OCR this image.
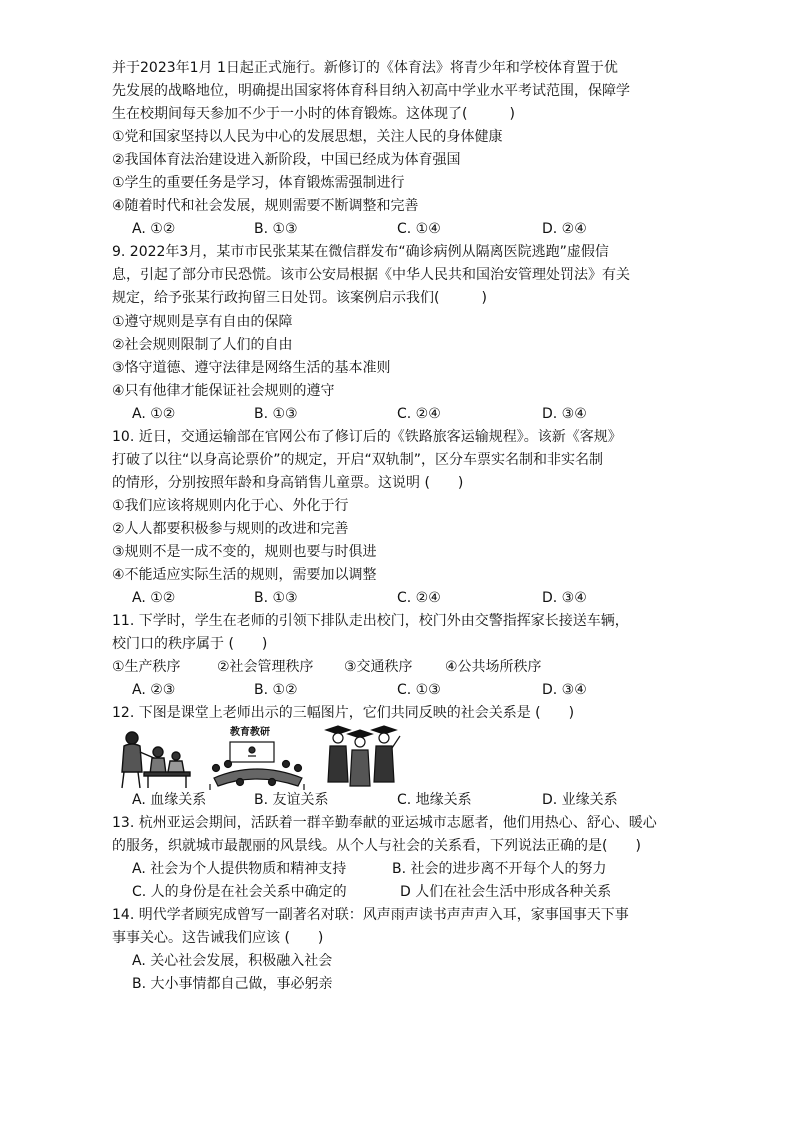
并于2023年1月 1日起正式施行。新修订的《体育法》将青少年和学校体育置于优
先发展的战略地位，明确提出国家将体育科目纳入初高中学业水平考试范围，保障学
生在校期间每天参加不少于一小时的体育锻炼。这体现了(　　　)
①党和国家坚持以人民为中心的发展思想，关注人民的身体健康
②我国体育法治建设进入新阶段，中国已经成为体育强国
①学生的重要任务是学习，体育锻炼需强制进行
④随着时代和社会发展，规则需要不断调整和完善
A. ①②	B. ①③	C. ①④	D. ②④
9. 2022年3月，某市市民张某某在微信群发布“确诊病例从隔离医院逃跑”虚假信
息，引起了部分市民恐慌。该市公安局根据《中华人民共和国治安管理处罚法》有关
规定，给予张某行政拘留三日处罚。该案例启示我们(　　　)
①遵守规则是享有自由的保障
②社会规则限制了人们的自由
③恪守道德、遵守法律是网络生活的基本准则
④只有他律才能保证社会规则的遵守
A. ①②	B. ①③	C. ②④	D. ③④
10. 近日，交通运输部在官网公布了修订后的《铁路旅客运输规程》。该新《客规》
打破了以往“以身高论票价”的规定，开启“双轨制”，区分车票实名制和非实名制
的情形，分别按照年龄和身高销售儿童票。这说明 (　　)
①我们应该将规则内化于心、外化于行
②人人都要积极参与规则的改进和完善
③规则不是一成不变的，规则也要与时俱进
④不能适应实际生活的规则，需要加以调整
A. ①②	B. ①③	C. ②④	D. ③④
11. 下学时，学生在老师的引领下排队走出校门，校门外由交警指挥家长接送车辆，
校门口的秩序属于 (　　)
①生产秩序	②社会管理秩序 ③交通秩序 ④公共场所秩序
A. ②③	B. ①②	C. ①③	D. ③④
12. 下图是课堂上老师出示的三幅图片，它们共同反映的社会关系是 (　　)
教育教研
A. 血缘关系	B. 友谊关系	C. 地缘关系	D. 业缘关系
13. 杭州亚运会期间，活跃着一群辛勤奉献的亚运城市志愿者，他们用热心、舒心、暖心
的服务，织就城市最靓丽的风景线。从个人与社会的关系看，下列说法正确的是(　　)
A. 社会为个人提供物质和精神支持	B. 社会的进步离不开每个人的努力
C. 人的身份是在社会关系中确定的	D 人们在社会生活中形成各种关系
14. 明代学者顾宪成曾写一副著名对联：风声雨声读书声声声入耳，家事国事天下事
事事关心。这告诫我们应该 (　　)
A. 关心社会发展，积极融入社会
B. 大小事情都自己做，事必躬亲
